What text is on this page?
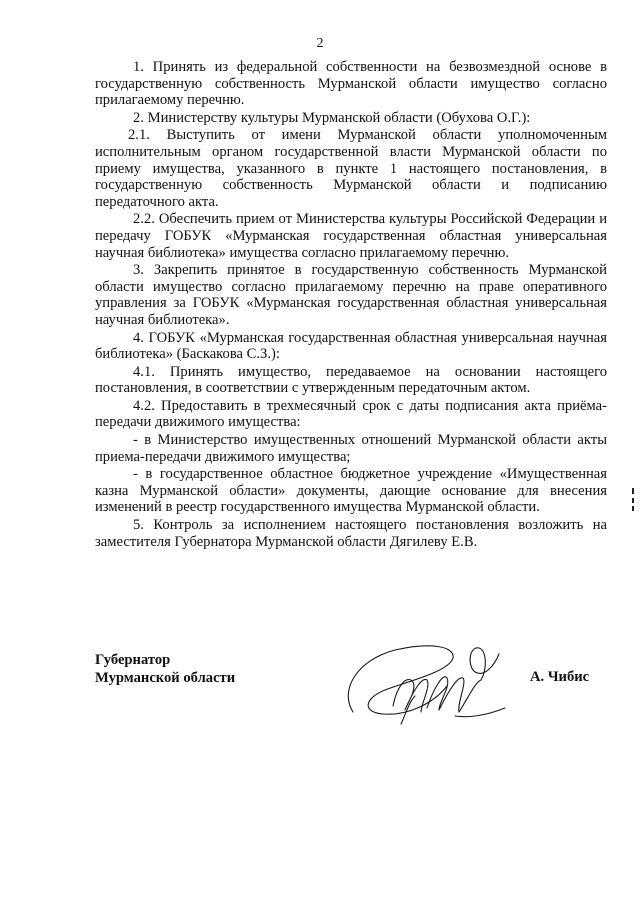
2

1. Принять из федеральной собственности на безвозмездной основе в государственную собственность Мурманской области имущество согласно прилагаемому перечню.

2. Министерству культуры Мурманской области (Обухова О.Г.):

2.1. Выступить от имени Мурманской области уполномоченным исполнительным органом государственной власти Мурманской области по приему имущества, указанного в пункте 1 настоящего постановления, в государственную собственность Мурманской области и подписанию передаточного акта.

2.2. Обеспечить прием от Министерства культуры Российской Федерации и передачу ГОБУК «Мурманская государственная областная универсальная научная библиотека» имущества согласно прилагаемому перечню.

3. Закрепить принятое в государственную собственность Мурманской области имущество согласно прилагаемому перечню на праве оперативного управления за ГОБУК «Мурманская государственная областная универсальная научная библиотека».

4. ГОБУК «Мурманская государственная областная универсальная научная библиотека» (Баскакова С.З.):

4.1. Принять имущество, передаваемое на основании настоящего постановления, в соответствии с утвержденным передаточным актом.

4.2. Предоставить в трехмесячный срок с даты подписания акта приёма-передачи движимого имущества:

- в Министерство имущественных отношений Мурманской области акты приема-передачи движимого имущества;

- в государственное областное бюджетное учреждение «Имущественная казна Мурманской области» документы, дающие основание для внесения изменений в реестр государственного имущества Мурманской области.

5. Контроль за исполнением настоящего постановления возложить на заместителя Губернатора Мурманской области Дягилеву Е.В.

Губернатор
Мурманской области	А. Чибис
